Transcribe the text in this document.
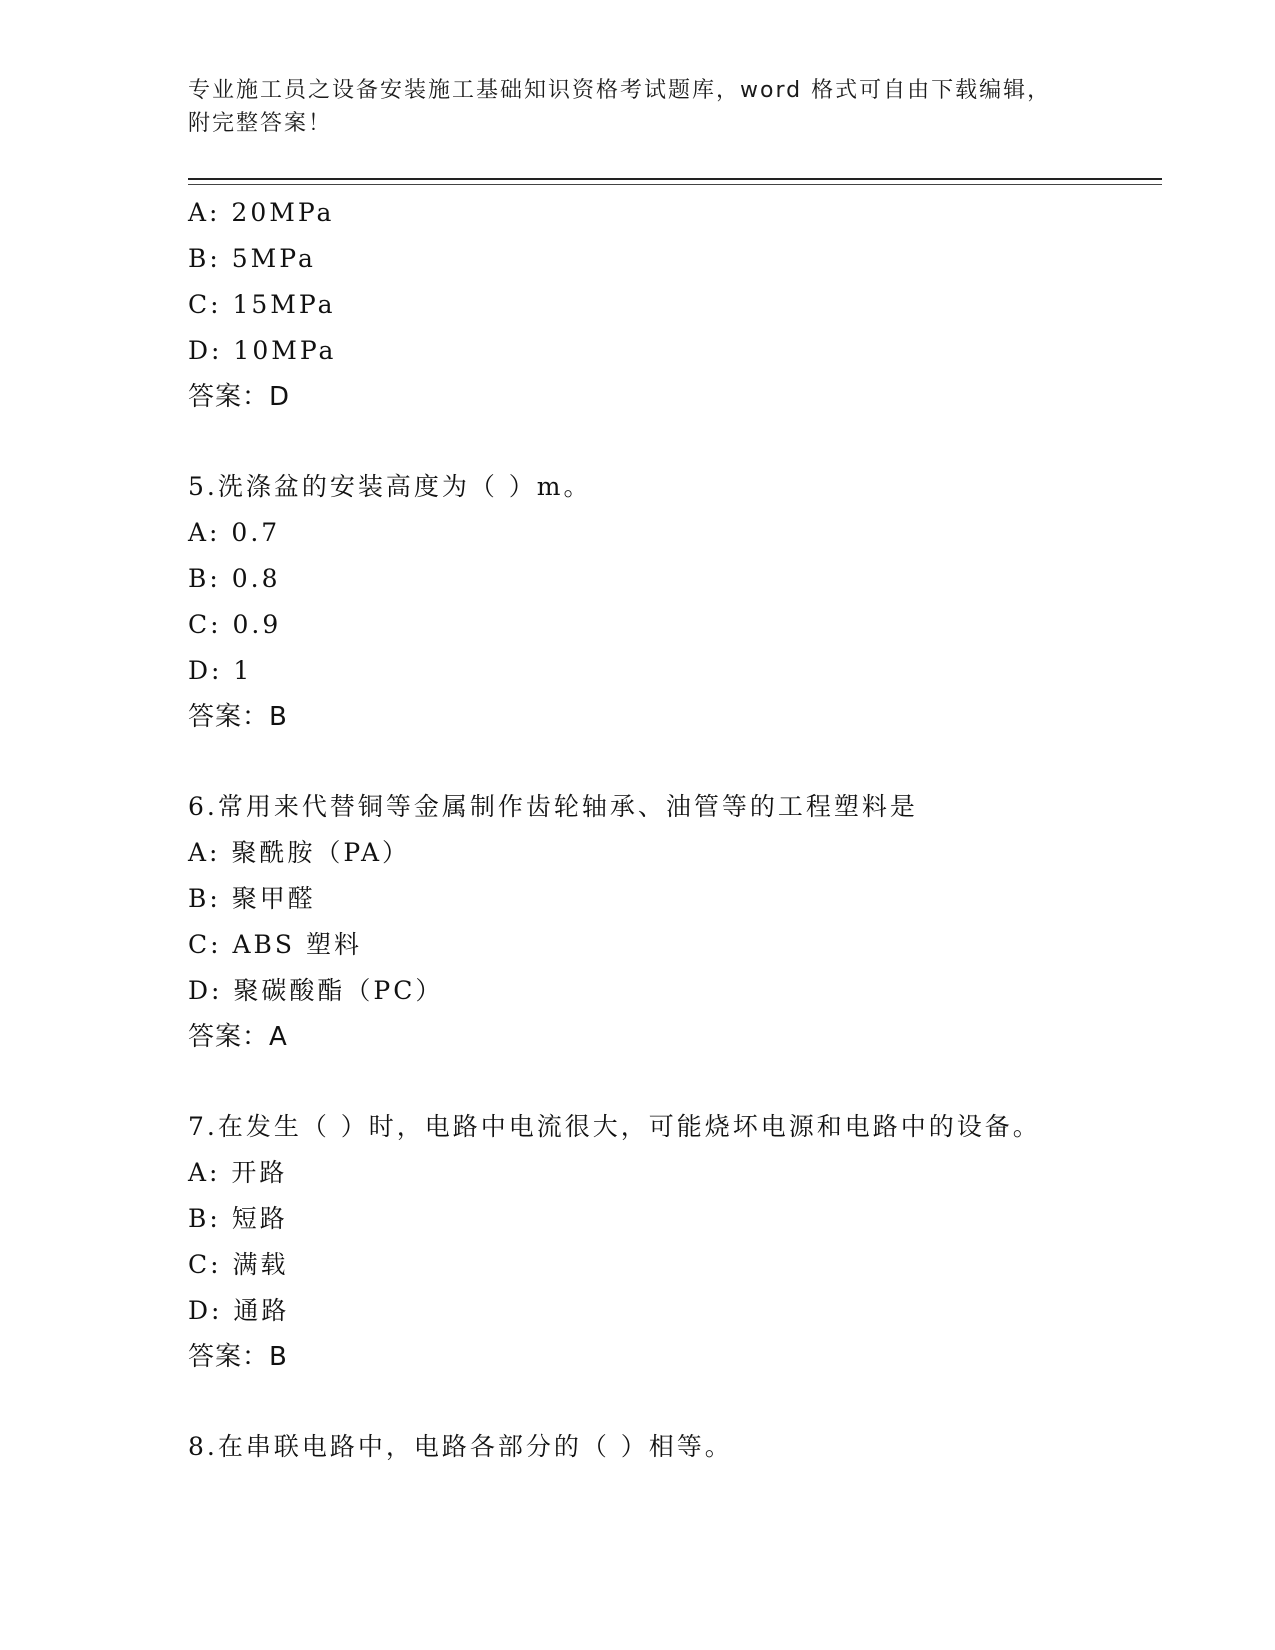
专业施工员之设备安装施工基础知识资格考试题库，word 格式可自由下载编辑，
附完整答案！
A: 20MPa
B: 5MPa
C: 15MPa
D: 10MPa
答案：D
5.洗涤盆的安装高度为（ ）m。
A: 0.7
B: 0.8
C: 0.9
D: 1
答案：B
6.常用来代替铜等金属制作齿轮轴承、油管等的工程塑料是
A: 聚酰胺（PA）
B: 聚甲醛
C: ABS 塑料
D: 聚碳酸酯（PC）
答案：A
7.在发生（ ）时，电路中电流很大，可能烧坏电源和电路中的设备。
A: 开路
B: 短路
C: 满载
D: 通路
答案：B
8.在串联电路中，电路各部分的（ ）相等。
